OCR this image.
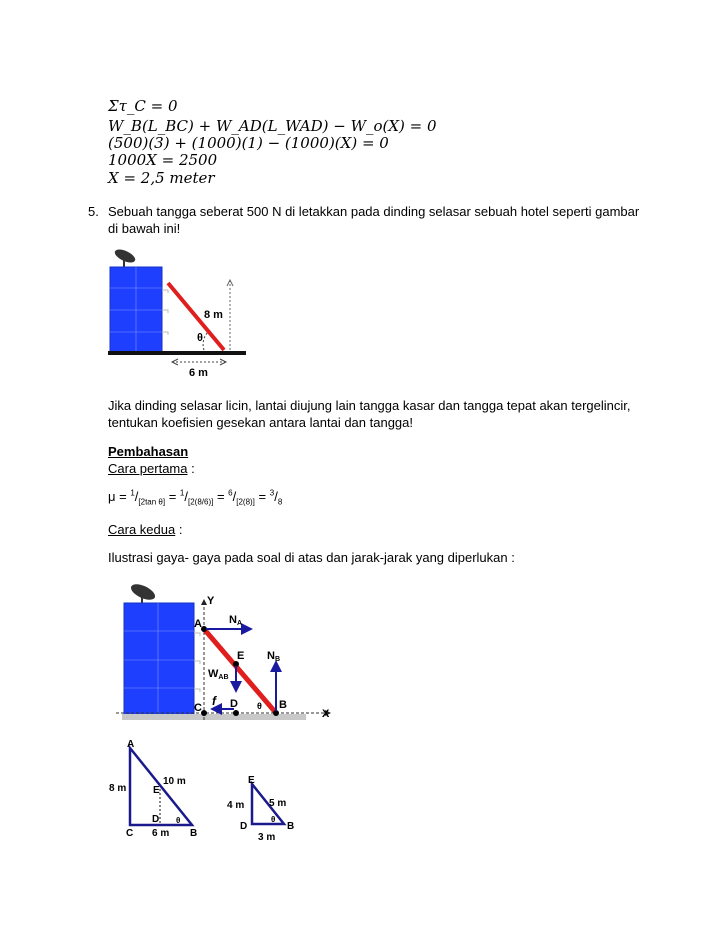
Στ_C = 0
W_B(L_BC) + W_AD(L_WAD) − W_o(X) = 0
(500)(3) + (1000)(1) − (1000)(X) = 0
1000X = 2500
X = 2,5 meter
5. Sebuah tangga seberat 500 N di letakkan pada dinding selasar sebuah hotel seperti gambar
di bawah ini!
8 m
θ
6 m
Jika dinding selasar licin, lantai diujung lain tangga kasar dan tangga tepat akan tergelincir,
tentukan koefisien gesekan antara lantai dan tangga!
Pembahasan
Cara pertama :
$\mu = ^1/_{[2tan \theta]} = ^1/_{[2(8/6)]} = ^6/_{[2(8)]} = ^3/_8$
Cara kedua :
Ilustrasi gaya- gaya pada soal di atas dan jarak-jarak yang diperlukan :
Y
X
A NA
E
WAB
NB
C f D θ B
A
8 m
10 m
E
D θ
C 6 m B
E
4 m 5 m
D
θ
B
3 m
